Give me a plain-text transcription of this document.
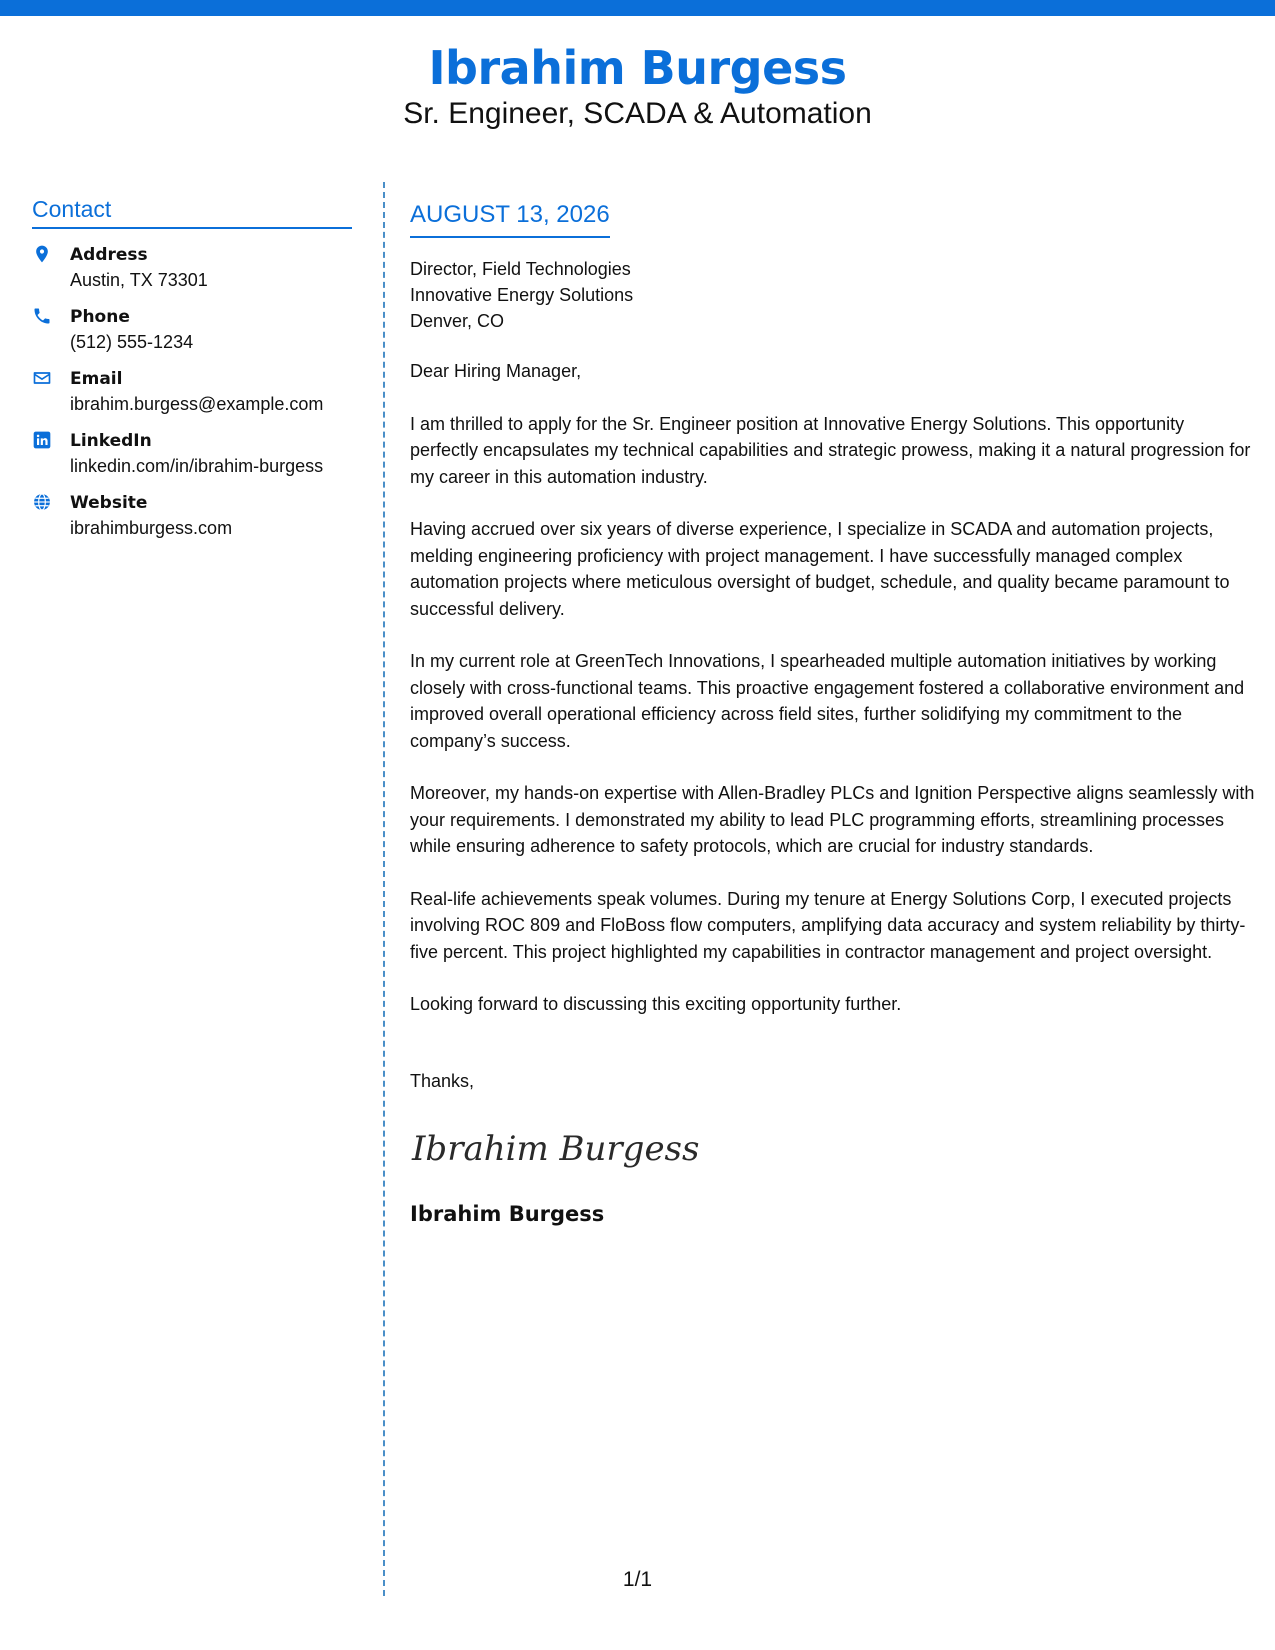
Ibrahim Burgess
Sr. Engineer, SCADA & Automation
Contact
Address
Austin, TX 73301
Phone
(512) 555-1234
Email
ibrahim.burgess@example.com
LinkedIn
linkedin.com/in/ibrahim-burgess
Website
ibrahimburgess.com
AUGUST 13, 2026
Director, Field Technologies
Innovative Energy Solutions
Denver, CO

Dear Hiring Manager,

I am thrilled to apply for the Sr. Engineer position at Innovative Energy Solutions. This opportunity perfectly encapsulates my technical capabilities and strategic prowess, making it a natural progression for my career in this automation industry.

Having accrued over six years of diverse experience, I specialize in SCADA and automation projects, melding engineering proficiency with project management. I have successfully managed complex automation projects where meticulous oversight of budget, schedule, and quality became paramount to successful delivery.

In my current role at GreenTech Innovations, I spearheaded multiple automation initiatives by working closely with cross-functional teams. This proactive engagement fostered a collaborative environment and improved overall operational efficiency across field sites, further solidifying my commitment to the company’s success.

Moreover, my hands-on expertise with Allen-Bradley PLCs and Ignition Perspective aligns seamlessly with your requirements. I demonstrated my ability to lead PLC programming efforts, streamlining processes while ensuring adherence to safety protocols, which are crucial for industry standards.

Real-life achievements speak volumes. During my tenure at Energy Solutions Corp, I executed projects involving ROC 809 and FloBoss flow computers, amplifying data accuracy and system reliability by thirty-five percent. This project highlighted my capabilities in contractor management and project oversight.

Looking forward to discussing this exciting opportunity further.

Thanks,
Ibrahim Burgess
Ibrahim Burgess
1/1
